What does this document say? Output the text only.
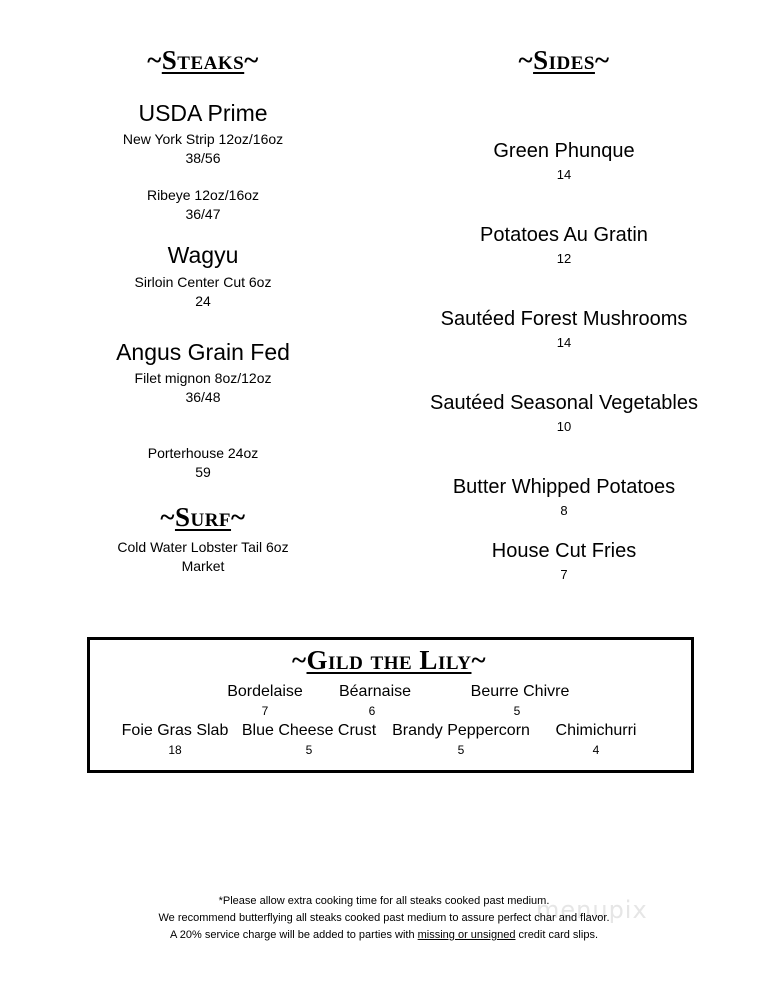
~Steaks~
USDA Prime
New York Strip 12oz/16oz
38/56
Ribeye 12oz/16oz
36/47
Wagyu
Sirloin Center Cut 6oz
24
Angus Grain Fed
Filet mignon 8oz/12oz
36/48
Porterhouse 24oz
59
~Surf~
Cold Water Lobster Tail 6oz
Market
~Sides~
Green Phunque
14
Potatoes Au Gratin
12
Sautéed Forest Mushrooms
14
Sautéed Seasonal Vegetables
10
Butter Whipped Potatoes
8
House Cut Fries
7
~Gild the Lily~
Bordelaise
7
Béarnaise
6
Beurre Chivre
5
Foie Gras Slab
18
Blue Cheese Crust
5
Brandy Peppercorn
5
Chimichurri
4
menupix
*Please allow extra cooking time for all steaks cooked past medium.
We recommend butterflying all steaks cooked past medium to assure perfect char and flavor.
A 20% service charge will be added to parties with missing or unsigned credit card slips.
